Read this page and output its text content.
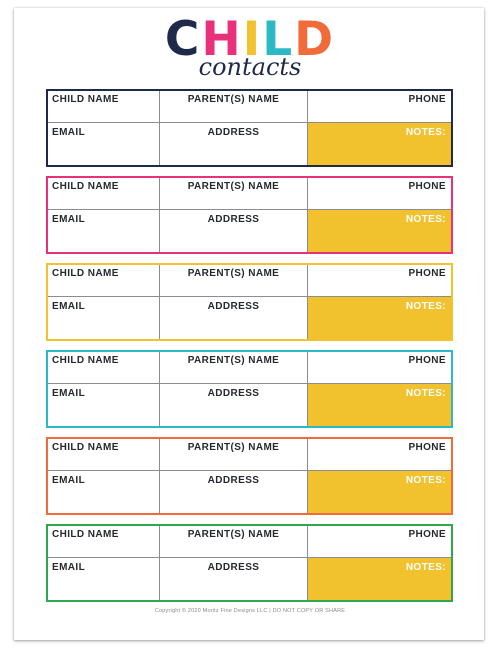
CHILD
contacts
CHILD NAME	PARENT(S) NAME	PHONE
EMAIL	ADDRESS	NOTES:
CHILD NAME	PARENT(S) NAME	PHONE
EMAIL	ADDRESS	NOTES:
CHILD NAME	PARENT(S) NAME	PHONE
EMAIL	ADDRESS	NOTES:
CHILD NAME	PARENT(S) NAME	PHONE
EMAIL	ADDRESS	NOTES:
CHILD NAME	PARENT(S) NAME	PHONE
EMAIL	ADDRESS	NOTES:
CHILD NAME	PARENT(S) NAME	PHONE
EMAIL	ADDRESS	NOTES:
Copyright © 2020 Moritz Fine Designs LLC | DO NOT COPY OR SHARE
